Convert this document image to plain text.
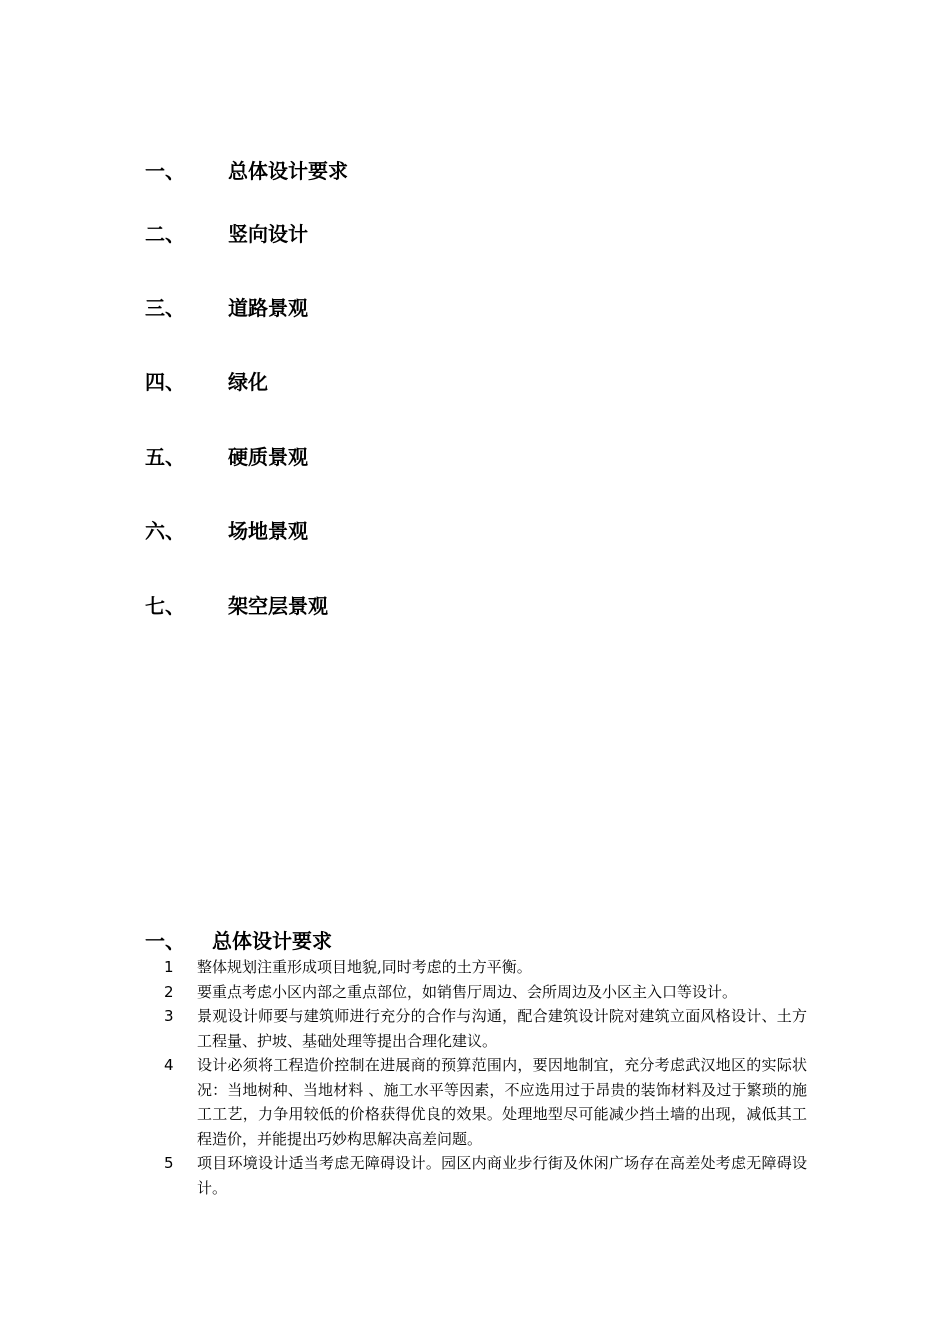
一、 总体设计要求
二、 竖向设计
三、 道路景观
四、 绿化
五、 硬质景观
六、 场地景观
七、 架空层景观
一、 总体设计要求
1 整体规划注重形成项目地貌,同时考虑的土方平衡。
2 要重点考虑小区内部之重点部位，如销售厅周边、会所周边及小区主入口等设计。
3 景观设计师要与建筑师进行充分的合作与沟通，配合建筑设计院对建筑立面风格设计、土方工程量、护坡、基础处理等提出合理化建议。
4 设计必须将工程造价控制在进展商的预算范围内，要因地制宜，充分考虑武汉地区的实际状况：当地树种、当地材料 、施工水平等因素，不应选用过于昂贵的装饰材料及过于繁琐的施工工艺，力争用较低的价格获得优良的效果。处理地型尽可能减少挡土墙的出现，减低其工程造价，并能提出巧妙构思解决高差问题。
5 项目环境设计适当考虑无障碍设计。园区内商业步行街及休闲广场存在高差处考虑无障碍设计。
